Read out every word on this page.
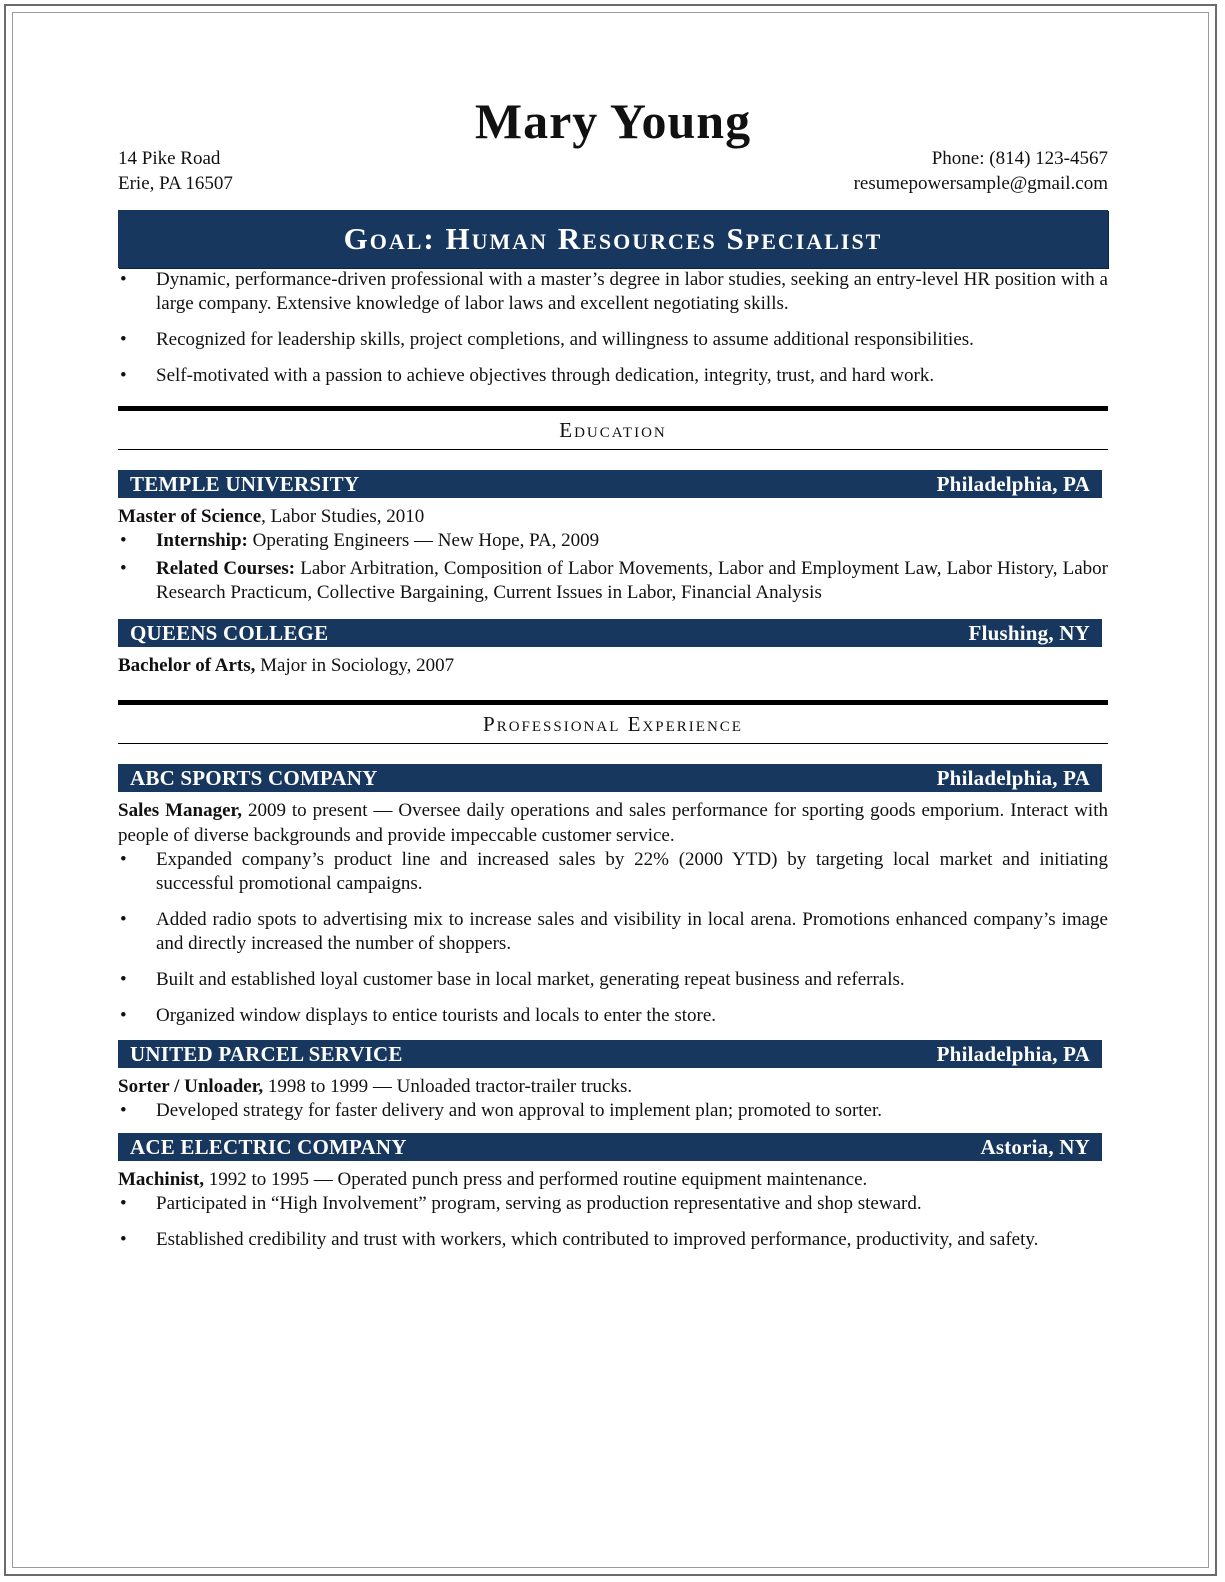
Mary Young
14 Pike Road
Erie, PA 16507
Phone: (814) 123-4567
resumepowersample@gmail.com
Goal: Human Resources Specialist
• Dynamic, performance-driven professional with a master’s degree in labor studies, seeking an entry-level HR position with a large company. Extensive knowledge of labor laws and excellent negotiating skills.
• Recognized for leadership skills, project completions, and willingness to assume additional responsibilities.
• Self-motivated with a passion to achieve objectives through dedication, integrity, trust, and hard work.
Education
TEMPLE UNIVERSITY	Philadelphia, PA
Master of Science, Labor Studies, 2010
• Internship: Operating Engineers — New Hope, PA, 2009
• Related Courses: Labor Arbitration, Composition of Labor Movements, Labor and Employment Law, Labor History, Labor Research Practicum, Collective Bargaining, Current Issues in Labor, Financial Analysis
QUEENS COLLEGE	Flushing, NY
Bachelor of Arts, Major in Sociology, 2007
Professional Experience
ABC SPORTS COMPANY	Philadelphia, PA
Sales Manager, 2009 to present — Oversee daily operations and sales performance for sporting goods emporium. Interact with people of diverse backgrounds and provide impeccable customer service.
• Expanded company’s product line and increased sales by 22% (2000 YTD) by targeting local market and initiating successful promotional campaigns.
• Added radio spots to advertising mix to increase sales and visibility in local arena. Promotions enhanced company’s image and directly increased the number of shoppers.
• Built and established loyal customer base in local market, generating repeat business and referrals.
• Organized window displays to entice tourists and locals to enter the store.
UNITED PARCEL SERVICE	Philadelphia, PA
Sorter / Unloader, 1998 to 1999 — Unloaded tractor-trailer trucks.
• Developed strategy for faster delivery and won approval to implement plan; promoted to sorter.
ACE ELECTRIC COMPANY	Astoria, NY
Machinist, 1992 to 1995 — Operated punch press and performed routine equipment maintenance.
• Participated in “High Involvement” program, serving as production representative and shop steward.
• Established credibility and trust with workers, which contributed to improved performance, productivity, and safety.
